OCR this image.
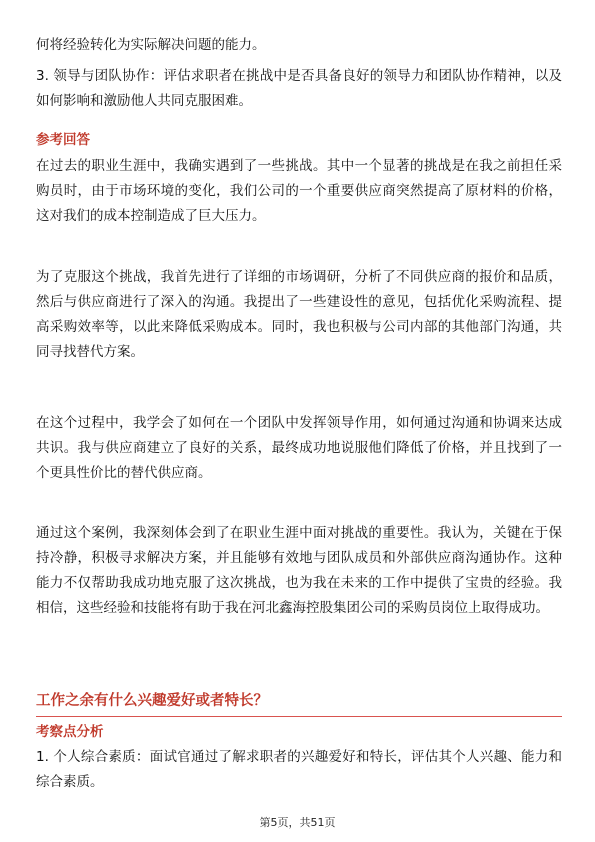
何将经验转化为实际解决问题的能力。

3. 领导与团队协作：评估求职者在挑战中是否具备良好的领导力和团队协作精神，以及如何影响和激励他人共同克服困难。

参考回答

在过去的职业生涯中，我确实遇到了一些挑战。其中一个显著的挑战是在我之前担任采购员时，由于市场环境的变化，我们公司的一个重要供应商突然提高了原材料的价格，这对我们的成本控制造成了巨大压力。

为了克服这个挑战，我首先进行了详细的市场调研，分析了不同供应商的报价和品质，然后与供应商进行了深入的沟通。我提出了一些建设性的意见，包括优化采购流程、提高采购效率等，以此来降低采购成本。同时，我也积极与公司内部的其他部门沟通，共同寻找替代方案。

在这个过程中，我学会了如何在一个团队中发挥领导作用，如何通过沟通和协调来达成共识。我与供应商建立了良好的关系，最终成功地说服他们降低了价格，并且找到了一个更具性价比的替代供应商。

通过这个案例，我深刻体会到了在职业生涯中面对挑战的重要性。我认为，关键在于保持冷静，积极寻求解决方案，并且能够有效地与团队成员和外部供应商沟通协作。这种能力不仅帮助我成功地克服了这次挑战，也为我在未来的工作中提供了宝贵的经验。我相信，这些经验和技能将有助于我在河北鑫海控股集团公司的采购员岗位上取得成功。

工作之余有什么兴趣爱好或者特长？
考察点分析

1. 个人综合素质：面试官通过了解求职者的兴趣爱好和特长，评估其个人兴趣、能力和综合素质。

第5页，共51页
